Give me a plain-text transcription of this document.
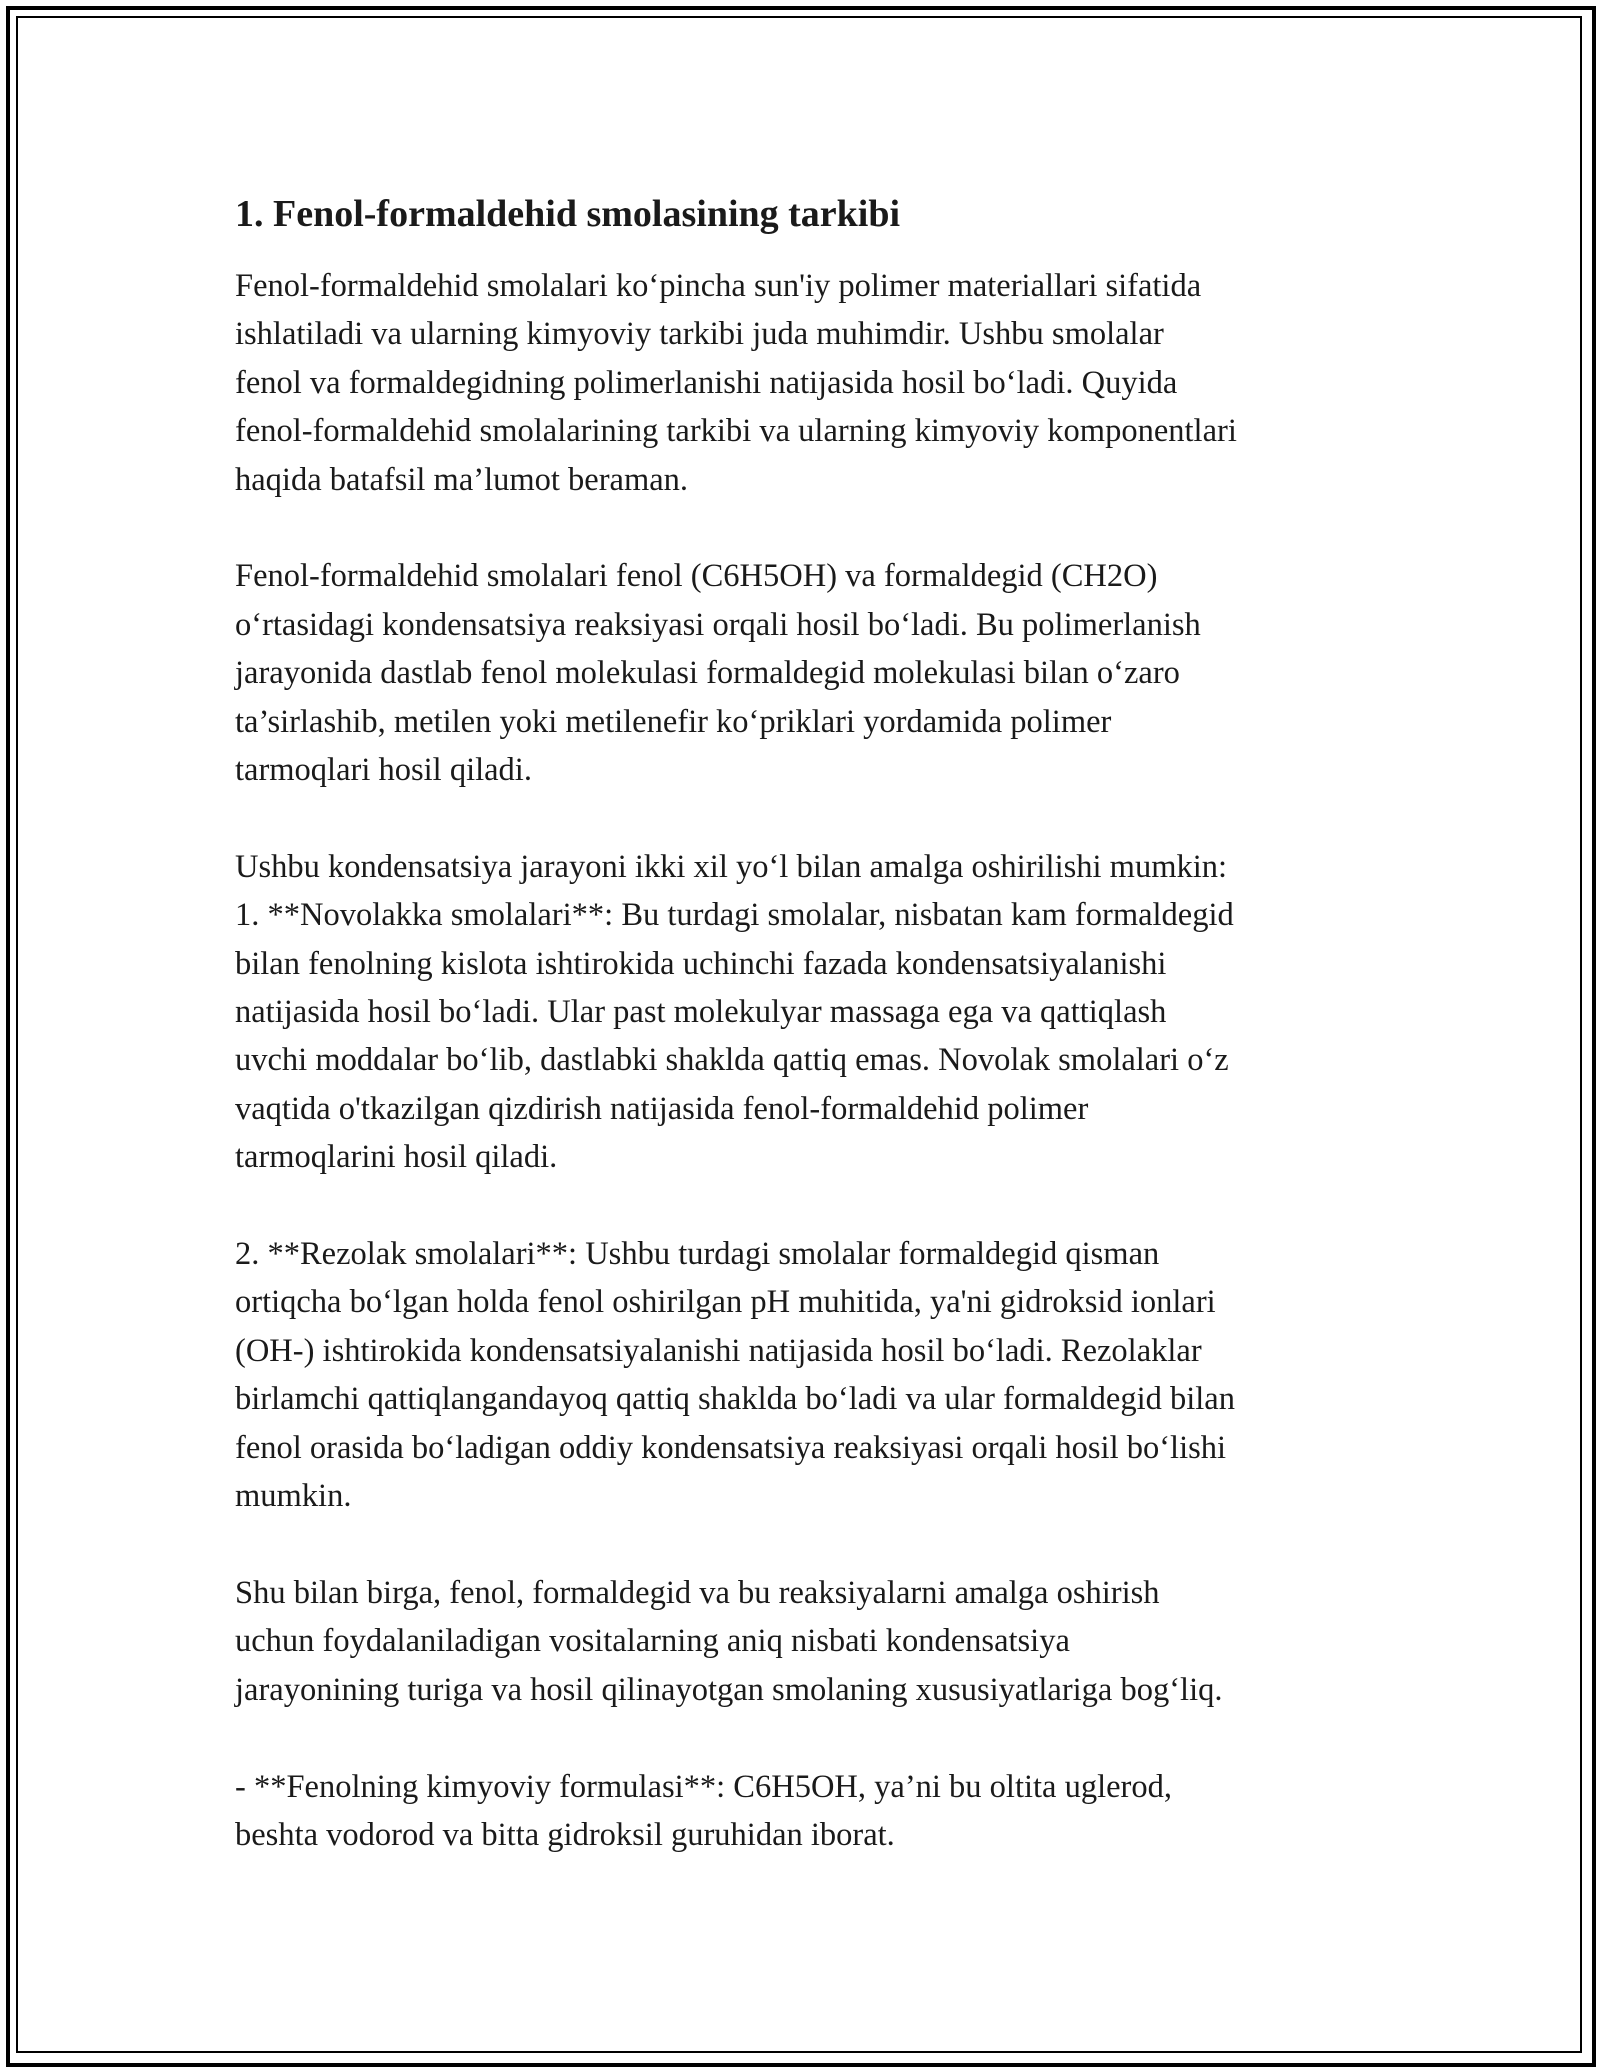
1. Fenol-formaldehid smolasining tarkibi

Fenol-formaldehid smolalari ko‘pincha sun'iy polimer materiallari sifatida
ishlatiladi va ularning kimyoviy tarkibi juda muhimdir. Ushbu smolalar
fenol va formaldegidning polimerlanishi natijasida hosil bo‘ladi. Quyida
fenol-formaldehid smolalarining tarkibi va ularning kimyoviy komponentlari
haqida batafsil ma’lumot beraman.

Fenol-formaldehid smolalari fenol (C6H5OH) va formaldegid (CH2O)
o‘rtasidagi kondensatsiya reaksiyasi orqali hosil bo‘ladi. Bu polimerlanish
jarayonida dastlab fenol molekulasi formaldegid molekulasi bilan o‘zaro
ta’sirlashib, metilen yoki metilenefir ko‘priklari yordamida polimer
tarmoqlari hosil qiladi.

Ushbu kondensatsiya jarayoni ikki xil yo‘l bilan amalga oshirilishi mumkin:
1. **Novolakka smolalari**: Bu turdagi smolalar, nisbatan kam formaldegid
bilan fenolning kislota ishtirokida uchinchi fazada kondensatsiyalanishi
natijasida hosil bo‘ladi. Ular past molekulyar massaga ega va qattiqlash
uvchi moddalar bo‘lib, dastlabki shaklda qattiq emas. Novolak smolalari o‘z
vaqtida o'tkazilgan qizdirish natijasida fenol-formaldehid polimer
tarmoqlarini hosil qiladi.

2. **Rezolak smolalari**: Ushbu turdagi smolalar formaldegid qisman
ortiqcha bo‘lgan holda fenol oshirilgan pH muhitida, ya'ni gidroksid ionlari
(OH-) ishtirokida kondensatsiyalanishi natijasida hosil bo‘ladi. Rezolaklar
birlamchi qattiqlangandayoq qattiq shaklda bo‘ladi va ular formaldegid bilan
fenol orasida bo‘ladigan oddiy kondensatsiya reaksiyasi orqali hosil bo‘lishi
mumkin.

Shu bilan birga, fenol, formaldegid va bu reaksiyalarni amalga oshirish
uchun foydalaniladigan vositalarning aniq nisbati kondensatsiya
jarayonining turiga va hosil qilinayotgan smolaning xususiyatlariga bog‘liq.

- **Fenolning kimyoviy formulasi**: C6H5OH, ya’ni bu oltita uglerod,
beshta vodorod va bitta gidroksil guruhidan iborat.
